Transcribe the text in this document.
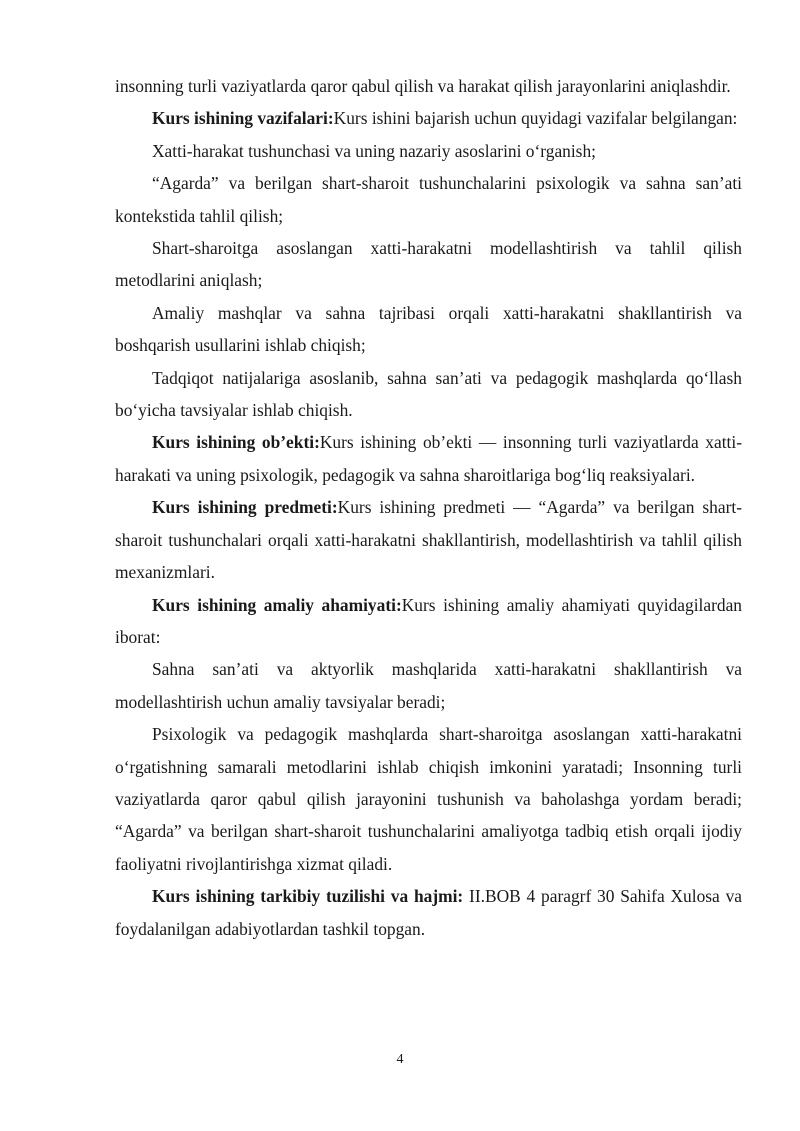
insonning turli vaziyatlarda qaror qabul qilish va harakat qilish jarayonlarini aniqlashdir.

Kurs ishining vazifalari:Kurs ishini bajarish uchun quyidagi vazifalar belgilangan:

Xatti-harakat tushunchasi va uning nazariy asoslarini o‘rganish;

“Agarda” va berilgan shart-sharoit tushunchalarini psixologik va sahna san’ati kontekstida tahlil qilish;

Shart-sharoitga asoslangan xatti-harakatni modellashtirish va tahlil qilish metodlarini aniqlash;

Amaliy mashqlar va sahna tajribasi orqali xatti-harakatni shakllantirish va boshqarish usullarini ishlab chiqish;

Tadqiqot natijalariga asoslanib, sahna san’ati va pedagogik mashqlarda qo‘llash bo‘yicha tavsiyalar ishlab chiqish.

Kurs ishining ob’ekti:Kurs ishining ob’ekti — insonning turli vaziyatlarda xatti-harakati va uning psixologik, pedagogik va sahna sharoitlariga bog‘liq reaksiyalari.

Kurs ishining predmeti:Kurs ishining predmeti — “Agarda” va berilgan shart-sharoit tushunchalari orqali xatti-harakatni shakllantirish, modellashtirish va tahlil qilish mexanizmlari.

Kurs ishining amaliy ahamiyati:Kurs ishining amaliy ahamiyati quyidagilardan iborat:

Sahna san’ati va aktyorlik mashqlarida xatti-harakatni shakllantirish va modellashtirish uchun amaliy tavsiyalar beradi;

Psixologik va pedagogik mashqlarda shart-sharoitga asoslangan xatti-harakatni o‘rgatishning samarali metodlarini ishlab chiqish imkonini yaratadi; Insonning turli vaziyatlarda qaror qabul qilish jarayonini tushunish va baholashga yordam beradi; “Agarda” va berilgan shart-sharoit tushunchalarini amaliyotga tadbiq etish orqali ijodiy faoliyatni rivojlantirishga xizmat qiladi.

Kurs ishining tarkibiy tuzilishi va hajmi: II.BOB 4 paragrf 30 Sahifa Xulosa va foydalanilgan adabiyotlardan tashkil topgan.

4
